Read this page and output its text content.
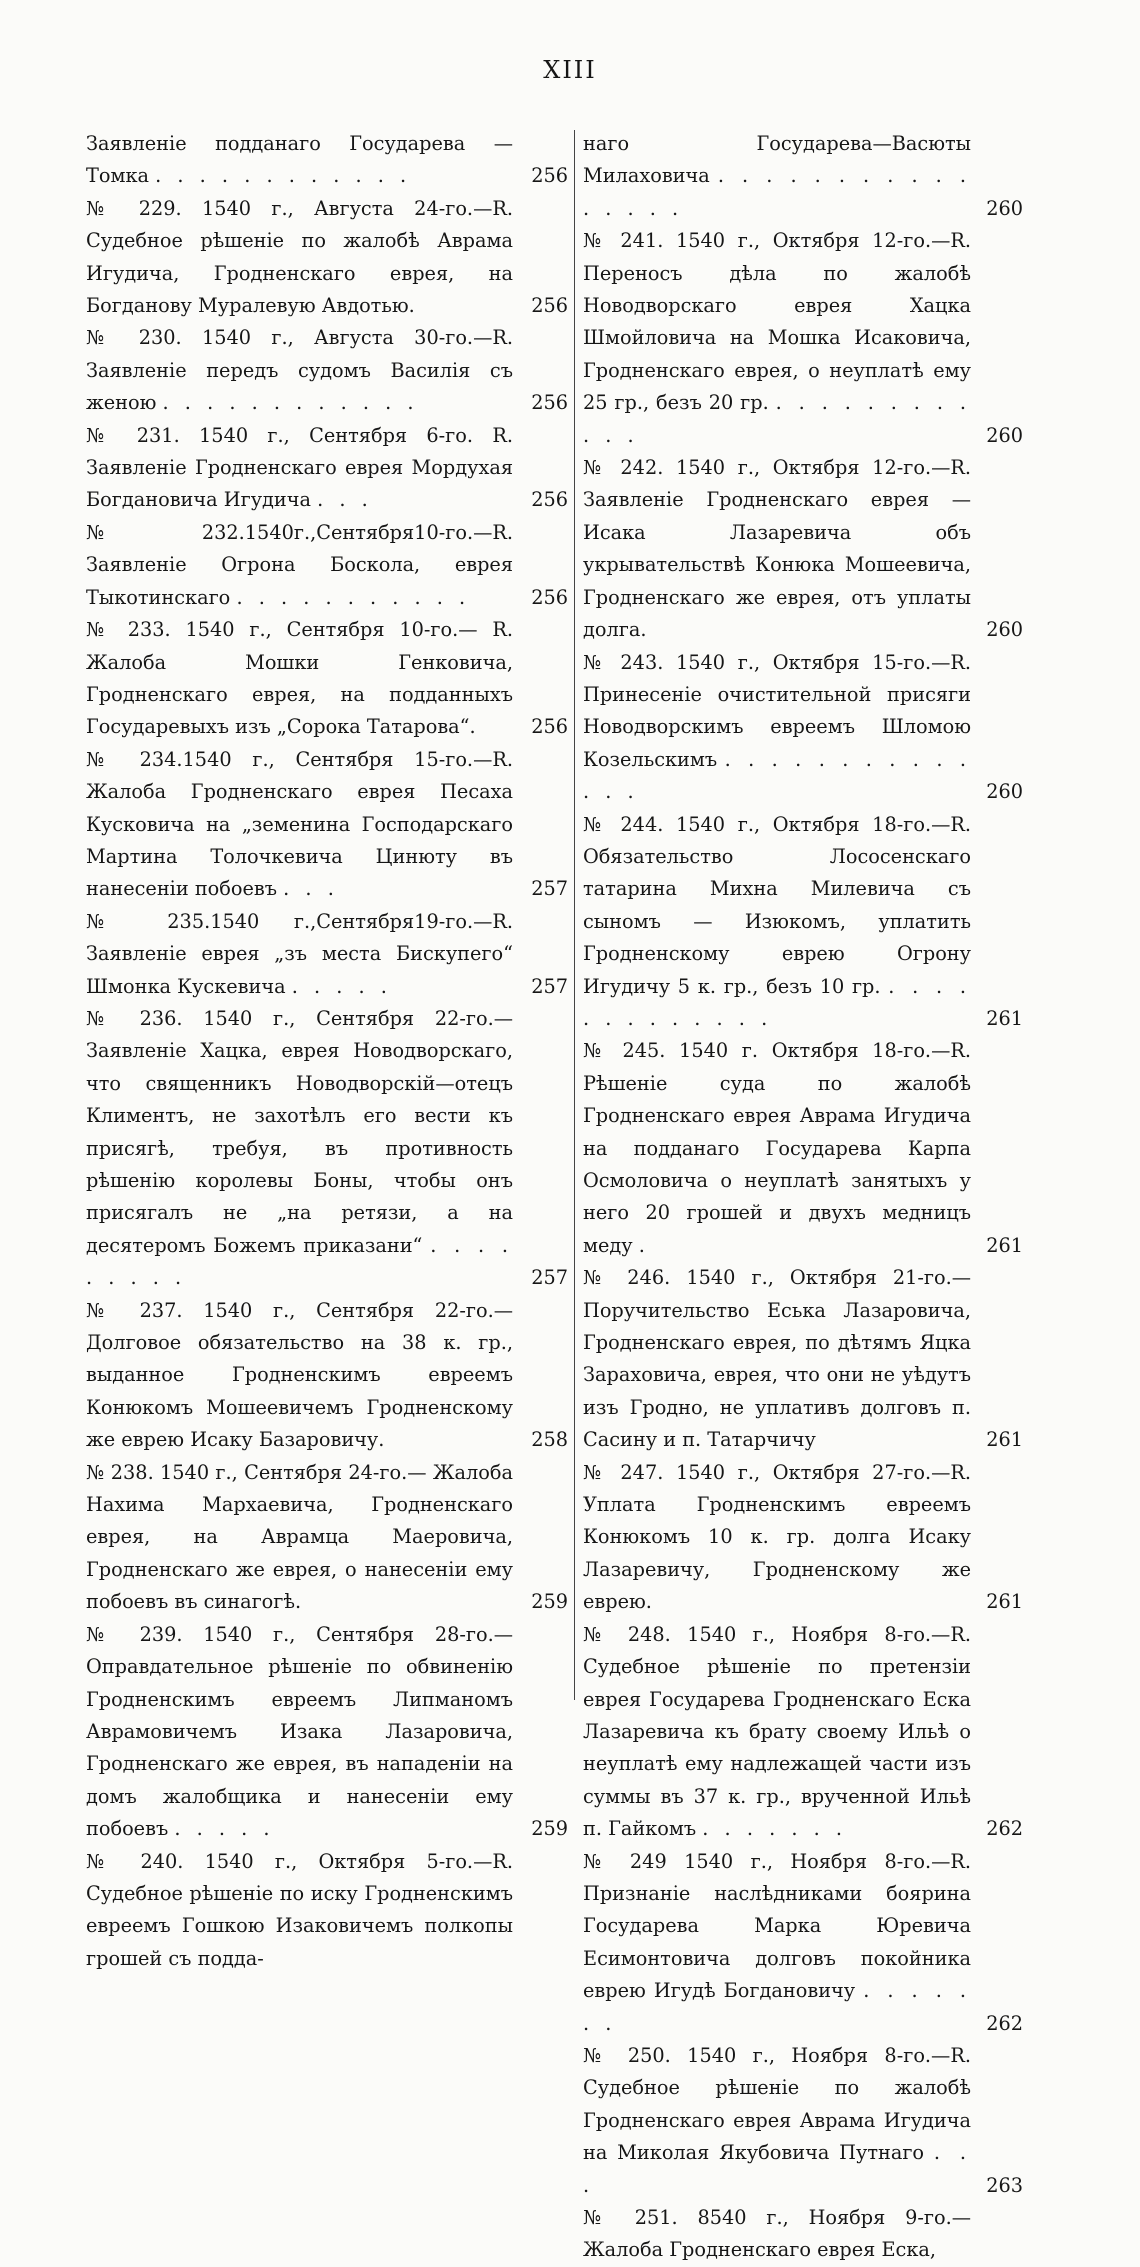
XIII
Заявленіе подданаго Государева — Томка . . . . . . . . . . . .	256
№ 229. 1540 г., Августа 24-го.—R. Судебное рѣшеніе по жалобѣ Аврама Игудича, Гродненскаго еврея, на Богданову Муралевую Авдотью.	256
№ 230. 1540 г., Августа 30-го.—R. Заявленіе передъ судомъ Василія съ женою . . . . . . . . . . . .	256
№ 231. 1540 г., Сентября 6-го. R. Заявленіе Гродненскаго еврея Мордухая Богдановича Игудича . . .	256
№ 232.1540г.,Сентября10-го.—R. Заявленіе Огрона Боскола, еврея Тыкотинскаго . . . . . . . . . . .	256
№ 233. 1540 г., Сентября 10-го.— R. Жалоба Мошки Генковича, Гродненскаго еврея, на подданныхъ Государевыхъ изъ „Сорока Татарова“.	256
№ 234.1540 г., Сентября 15-го.—R. Жалоба Гродненскаго еврея Песаха Кусковича на „земенина Господарскаго Мартина Толочкевича Цинюту въ нанесеніи побоевъ . . .	257
№ 235.1540 г.,Сентября19-го.—R. Заявленіе еврея „зъ места Бискупего“ Шмонка Кускевича . . . . .	257
№ 236. 1540 г., Сентября 22-го.— Заявленіе Хацка, еврея Новодворскаго, что священникъ Новодворскій—отецъ Климентъ, не захотѣлъ его вести къ присягѣ, требуя, въ противность рѣшенію королевы Боны, чтобы онъ присягалъ не „на ретязи, а на десятеромъ Божемъ приказани“ . . . . . . . . .	257
№ 237. 1540 г., Сентября 22-го.— Долговое обязательство на 38 к. гр., выданное Гродненскимъ евреемъ Конюкомъ Мошеевичемъ Гродненскому же еврею Исаку Базаровичу.	258
№ 238. 1540 г., Сентября 24-го.— Жалоба Нахима Мархаевича, Гродненскаго еврея, на Аврамца Маеровича, Гродненскаго же еврея, о нанесеніи ему побоевъ въ синагогѣ.	259
№ 239. 1540 г., Сентября 28-го.— Оправдательное рѣшеніе по обвиненію Гродненскимъ евреемъ Липманомъ Аврамовичемъ Изака Лазаровича, Гродненскаго же еврея, въ нападеніи на домъ жалобщика и нанесеніи ему побоевъ . . . . .	259
№ 240. 1540 г., Октября 5-го.—R. Судебное рѣшеніе по иску Гродненскимъ евреемъ Гошкою Изаковичемъ полкопы грошей съ подда-
наго Государева—Васюты Милаховича . . . . . . . . . . . . . . . .	260
№ 241. 1540 г., Октября 12-го.—R. Переносъ дѣла по жалобѣ Новодворскаго еврея Хацка Шмойловича на Мошка Исаковича, Гродненскаго еврея, о неуплатѣ ему 25 гр., безъ 20 гр. . . . . . . . . . . . .	260
№ 242. 1540 г., Октября 12-го.—R. Заявленіе Гродненскаго еврея — Исака Лазаревича объ укрывательствѣ Конюка Мошеевича, Гродненскаго же еврея, отъ уплаты долга.	260
№ 243. 1540 г., Октября 15-го.—R. Принесеніе очистительной присяги Новодворскимъ евреемъ Шломою Козельскимъ . . . . . . . . . . . . . .	260
№ 244. 1540 г., Октября 18-го.—R. Обязательство Лососенскаго татарина Михна Милевича съ сыномъ — Изюкомъ, уплатить Гродненскому еврею Огрону Игудичу 5 к. гр., безъ 10 гр. . . . . . . . . . . . . .	261
№ 245. 1540 г. Октября 18-го.—R. Рѣшеніе суда по жалобѣ Гродненскаго еврея Аврама Игудича на подданаго Государева Карпа Осмоловича о неуплатѣ занятыхъ у него 20 грошей и двухъ медницъ меду .	261
№ 246. 1540 г., Октября 21-го.— Поручительство Еська Лазаровича, Гродненскаго еврея, по дѣтямъ Яцка Зараховича, еврея, что они не уѣдутъ изъ Гродно, не уплативъ долговъ п. Сасину и п. Татарчичу	261
№ 247. 1540 г., Октября 27-го.—R. Уплата Гродненскимъ евреемъ Конюкомъ 10 к. гр. долга Исаку Лазаревичу, Гродненскому же еврею.	261
№ 248. 1540 г., Ноября 8-го.—R. Судебное рѣшеніе по претензіи еврея Государева Гродненскаго Еска Лазаревича къ брату своему Ильѣ о неуплатѣ ему надлежащей части изъ суммы въ 37 к. гр., врученной Ильѣ п. Гайкомъ . . . . . . .	262
№ 249 1540 г., Ноября 8-го.—R. Признаніе наслѣдниками боярина Государева Марка Юревича Есимонтовича долговъ покойника еврею Игудѣ Богдановичу . . . . . . .	262
№ 250. 1540 г., Ноября 8-го.—R. Судебное рѣшеніе по жалобѣ Гродненскаго еврея Аврама Игудича на Миколая Якубовича Путнаго . . .	263
№ 251. 8540 г., Ноября 9-го.— Жалоба Гродненскаго еврея Еска,
